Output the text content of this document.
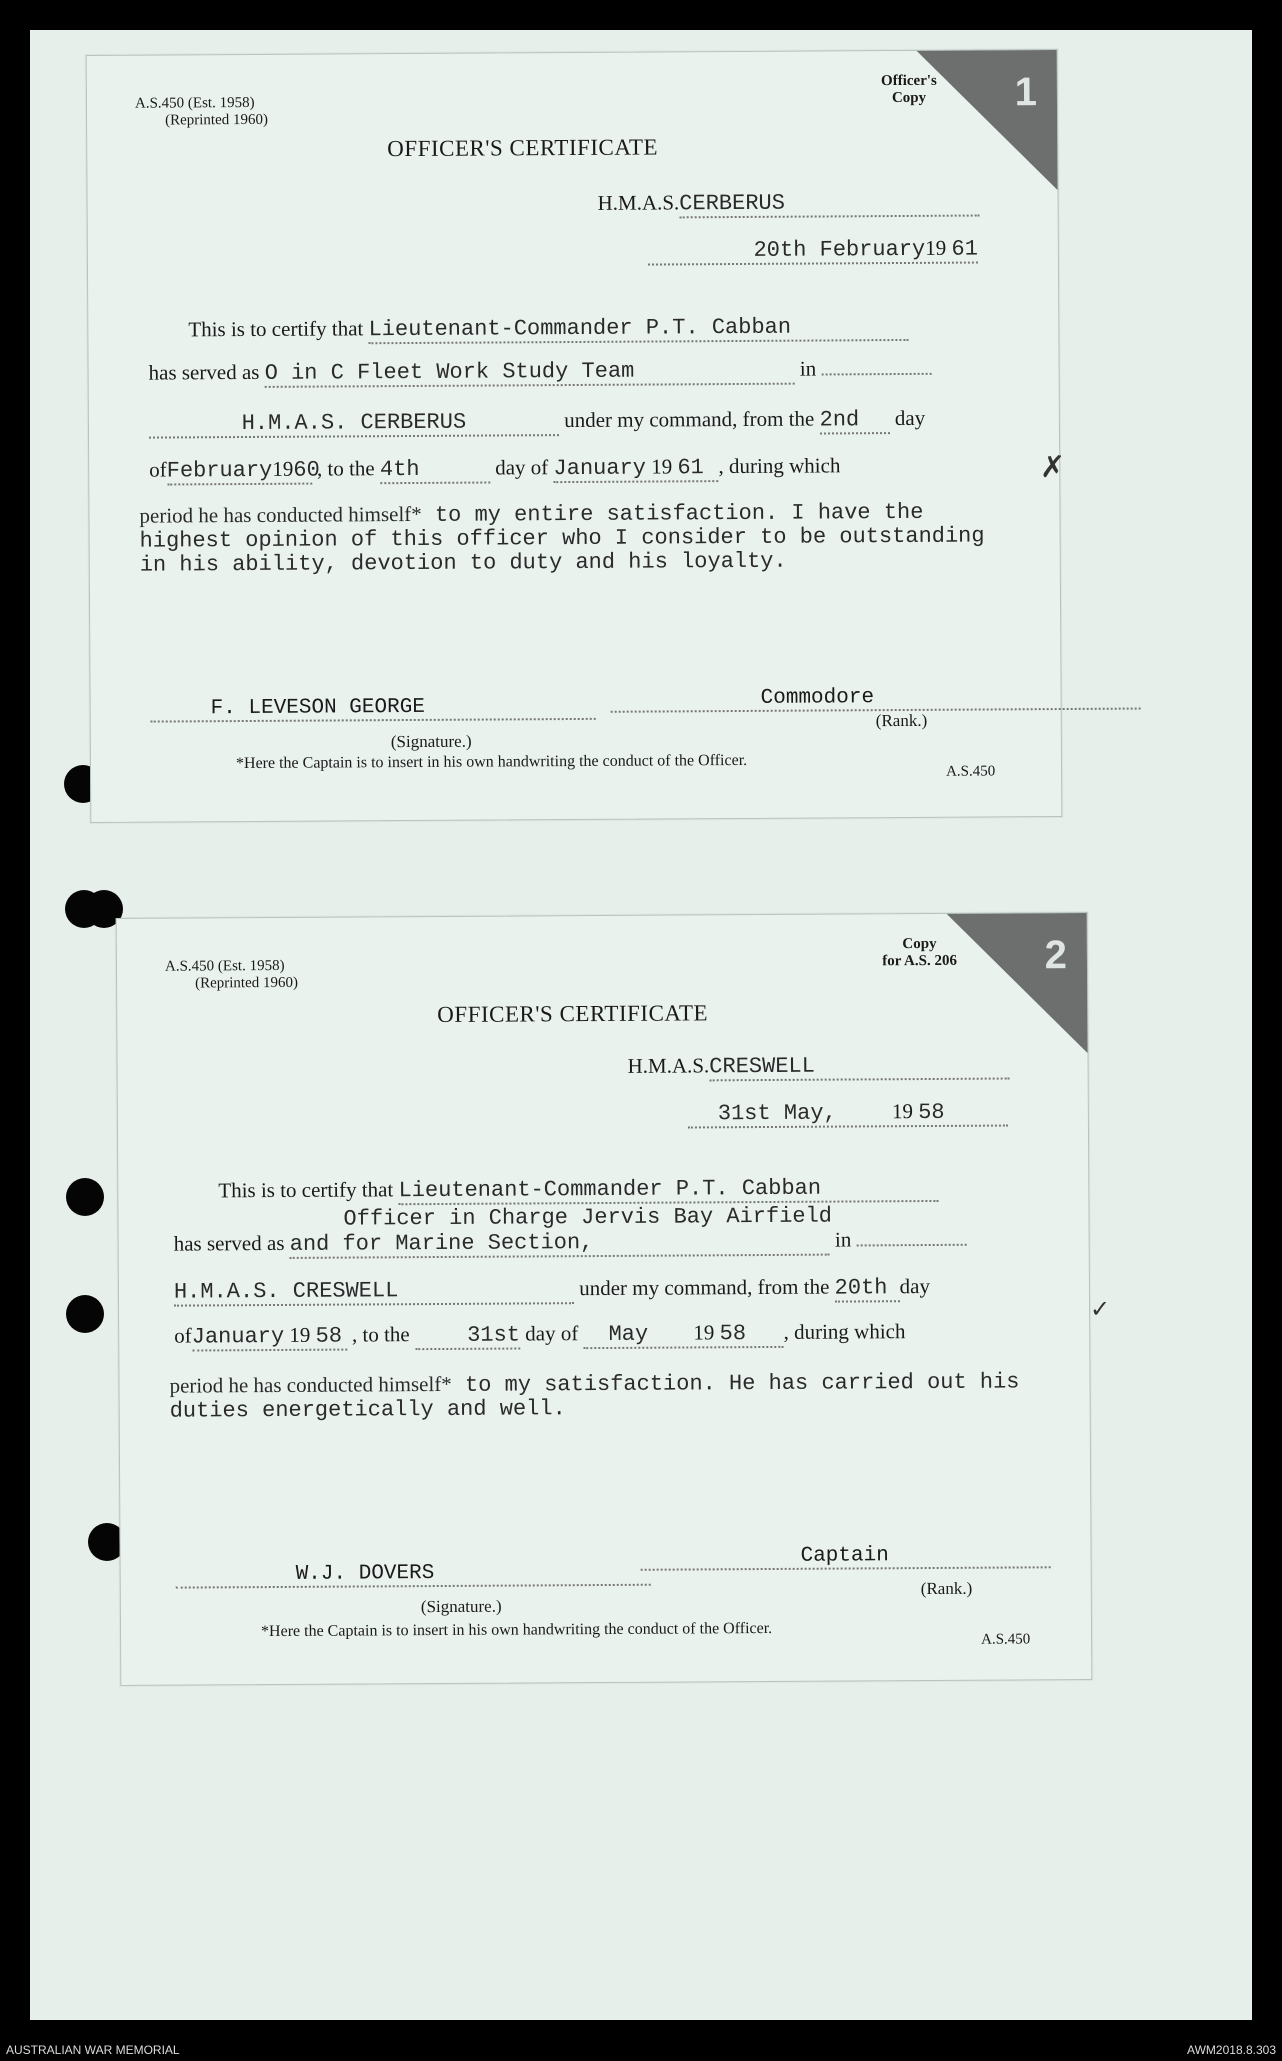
1
Officer's
Copy
A.S.450 (Est. 1958)
(Reprinted 1960)
OFFICER'S CERTIFICATE
H.M.A.S.CERBERUS
20th February19 61
This is to certify that Lieutenant-Commander P.T. Cabban
has served as O in C Fleet Work Study Team	in
H.M.A.S. CERBERUS	under my command, from the 2nd day
ofFebruary1960 , to the 4th	day of January 19 61 , during which
period he has conducted himself* to my entire satisfaction. I have the highest opinion of this officer who I consider to be outstanding in his ability, devotion to duty and his loyalty.
F. LEVESON GEORGE
(Signature.)
Commodore
(Rank.)
*Here the Captain is to insert in his own handwriting the conduct of the Officer.	A.S.450
✗
✓
2
Copy
for A.S. 206
A.S.450 (Est. 1958)
(Reprinted 1960)
OFFICER'S CERTIFICATE
H.M.A.S.CRESWELL
31st May,	19 58
This is to certify that Lieutenant-Commander P.T. Cabban
Officer in Charge Jervis Bay Airfield
has served as and for Marine Section,	in
H.M.A.S. CRESWELL	under my command, from the 20th day
ofJanuary 19 58 , to the	31st day of May 19 58 , during which
period he has conducted himself* to my satisfaction. He has carried out his duties energetically and well.
W.J. DOVERS
(Signature.)
Captain
(Rank.)
*Here the Captain is to insert in his own handwriting the conduct of the Officer.	A.S.450
AUSTRALIAN WAR MEMORIAL	AWM2018.8.303
